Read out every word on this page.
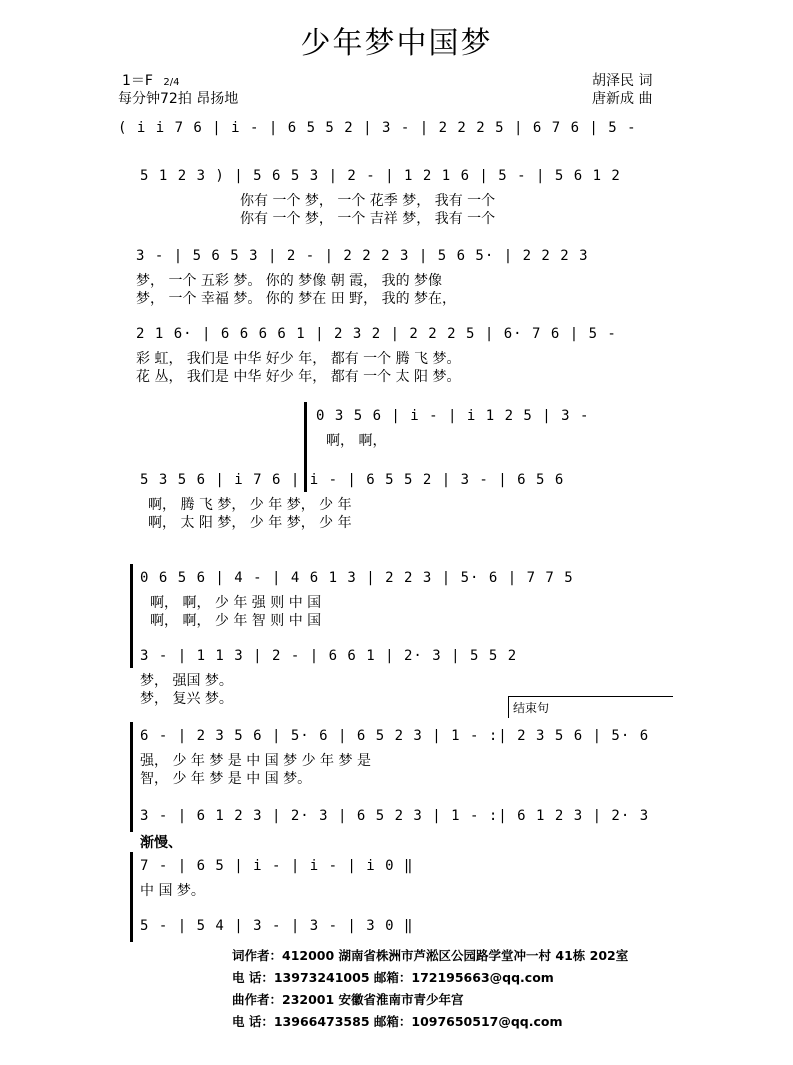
少年梦中国梦
1＝F 2/4
每分钟72拍 昂扬地
胡泽民 词
唐新成 曲
( i i 7 6 | i - | 6 5 5 2 | 3 - | 2 2 2 5 | 6 7 6 | 5 -
5 1 2 3 ) | 5 6 5 3 | 2 - | 1 2 1 6 | 5 - | 5 6 1 2
你有 一个 梦， 一个 花季 梦， 我有 一个
你有 一个 梦， 一个 吉祥 梦， 我有 一个
3 - | 5 6 5 3 | 2 - | 2 2 2 3 | 5 6 5· | 2 2 2 3
梦， 一个 五彩 梦。 你的 梦像 朝 霞， 我的 梦像
梦， 一个 幸福 梦。 你的 梦在 田 野， 我的 梦在，
2 1 6· | 6 6 6 6 1 | 2 3 2 | 2 2 2 5 | 6· 7 6 | 5 -
彩 虹， 我们是 中华 好少 年， 都有 一个 腾 飞 梦。
花 丛， 我们是 中华 好少 年， 都有 一个 太 阳 梦。
0 3 5 6 | i - | i 1 2 5 | 3 -
啊， 啊，
5 3 5 6 | i 7 6 | i - | 6 5 5 2 | 3 - | 6 5 6
啊， 腾 飞 梦， 少 年 梦， 少 年
啊， 太 阳 梦， 少 年 梦， 少 年
0 6 5 6 | 4 - | 4 6 1 3 | 2 2 3 | 5· 6 | 7 7 5
啊， 啊， 少 年 强 则 中 国
啊， 啊， 少 年 智 则 中 国
3 - | 1 1 3 | 2 - | 6 6 1 | 2· 3 | 5 5 2
梦， 强国 梦。
梦， 复兴 梦。
结束句
6 - | 2 3 5 6 | 5· 6 | 6 5 2 3 | 1 - :| 2 3 5 6 | 5· 6
强， 少 年 梦 是 中 国 梦 少 年 梦 是
智， 少 年 梦 是 中 国 梦。
3 - | 6 1 2 3 | 2· 3 | 6 5 2 3 | 1 - :| 6 1 2 3 | 2· 3
渐慢、
7 - | 6 5 | i - | i - | i 0 ‖
中 国 梦。
5 - | 5 4 | 3 - | 3 - | 3 0 ‖
词作者：412000 湖南省株洲市芦淞区公园路学堂冲一村 41栋 202室
电 话：13973241005 邮箱：172195663@qq.com
曲作者：232001 安徽省淮南市青少年宫
电 话：13966473585 邮箱：1097650517@qq.com
